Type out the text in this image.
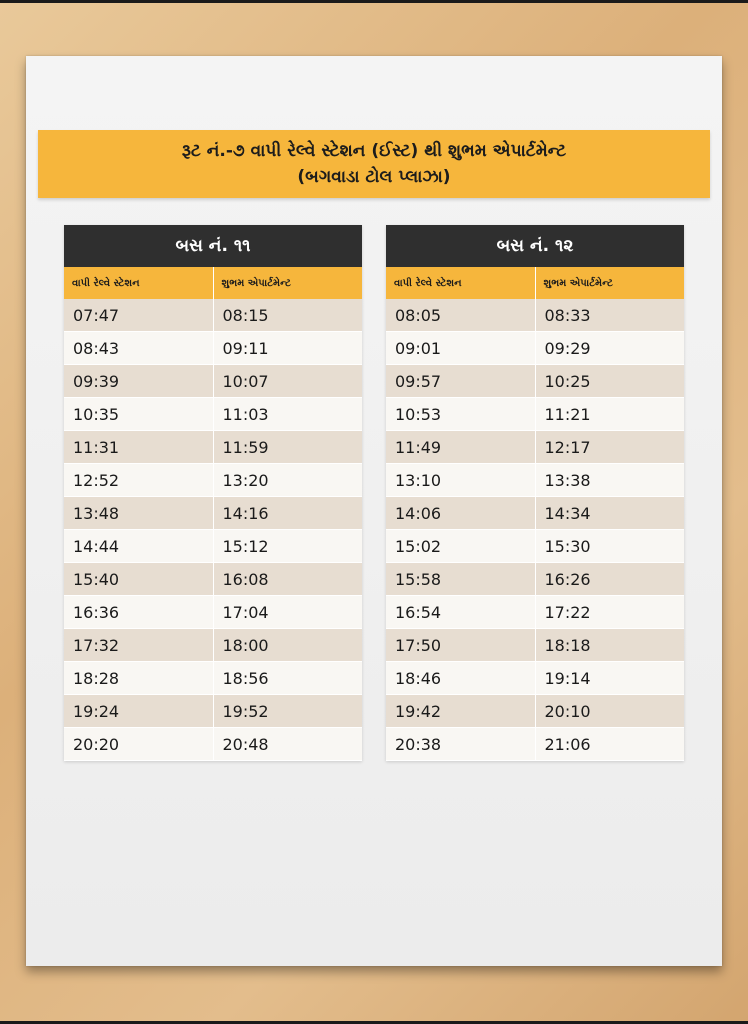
રૂટ નં.-૭ વાપી રેલ્વે સ્ટેશન (ઈસ્ટ) થી શુભમ એપાર્ટમેન્ટ
(બગવાડા ટોલ પ્લાઝા)
બસ નં. ૧૧	
વાપી રેલ્વે સ્ટેશન	શુભમ એપાર્ટમેન્ટ
07:47	08:15
08:43	09:11
09:39	10:07
10:35	11:03
11:31	11:59
12:52	13:20
13:48	14:16
14:44	15:12
15:40	16:08
16:36	17:04
17:32	18:00
18:28	18:56
19:24	19:52
20:20	20:48
બસ નં. ૧૨	
વાપી રેલ્વે સ્ટેશન	શુભમ એપાર્ટમેન્ટ
08:05	08:33
09:01	09:29
09:57	10:25
10:53	11:21
11:49	12:17
13:10	13:38
14:06	14:34
15:02	15:30
15:58	16:26
16:54	17:22
17:50	18:18
18:46	19:14
19:42	20:10
20:38	21:06
